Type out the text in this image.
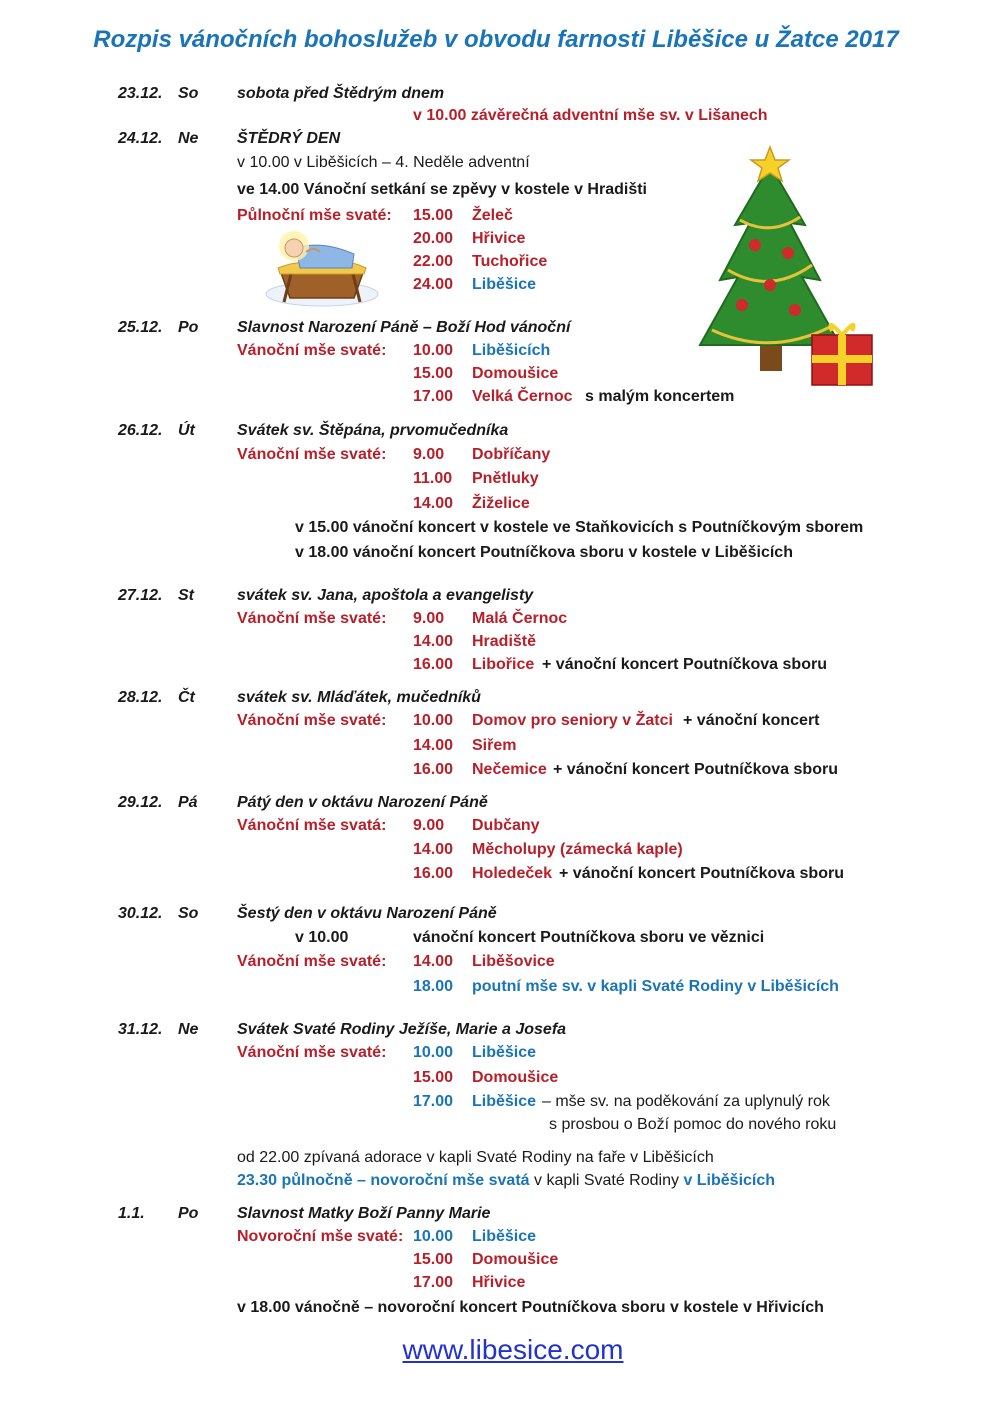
Rozpis vánočních bohoslužeb v obvodu farnosti Liběšice u Žatce 2017
23.12. So sobota před Štědrým dnem
v 10.00 závěrečná adventní mše sv. v Lišanech
24.12. Ne ŠTĚDRÝ DEN
v 10.00 v Liběšicích – 4. Neděle adventní
ve 14.00 Vánoční setkání se zpěvy v kostele v Hradišti
Půlnoční mše svaté: 15.00 Želeč
20.00 Hřivice
22.00 Tuchořice
24.00 Liběšice
25.12. Po Slavnost Narození Páně – Boží Hod vánoční
Vánoční mše svaté: 10.00 Liběšicích
15.00 Domoušice
17.00 Velká Černoc s malým koncertem
26.12. Út	Svátek sv. Štěpána, prvomučedníka
Vánoční mše svaté: 9.00 Dobříčany
11.00 Pnětluky
14.00 Žiželice
v 15.00 vánoční koncert v kostele ve Staňkovicích s Poutníčkovým sborem
v 18.00 vánoční koncert Poutníčkova sboru v kostele v Liběšicích
27.12. St	svátek sv. Jana, apoštola a evangelisty
Vánoční mše svaté: 9.00 Malá Černoc
14.00 Hradiště
16.00 Libořice + vánoční koncert Poutníčkova sboru
28.12. Čt	svátek sv. Mláďátek, mučedníků
Vánoční mše svaté: 10.00 Domov pro seniory v Žatci + vánoční koncert
14.00 Siřem
16.00 Nečemice + vánoční koncert Poutníčkova sboru
29.12. Pá Pátý den v oktávu Narození Páně
Vánoční mše svatá: 9.00 Dubčany
14.00 Měcholupy (zámecká kaple)
16.00 Holedeček + vánoční koncert Poutníčkova sboru
30.12. So Šestý den v oktávu Narození Páně
v 10.00	vánoční koncert Poutníčkova sboru ve věznici
Vánoční mše svaté: 14.00 Liběšovice
18.00 poutní mše sv. v kapli Svaté Rodiny v Liběšicích
31.12. Ne Svátek Svaté Rodiny Ježíše, Marie a Josefa
Vánoční mše svaté: 10.00 Liběšice
15.00 Domoušice
17.00 Liběšice – mše sv. na poděkování za uplynulý rok
s prosbou o Boží pomoc do nového roku
od 22.00 zpívaná adorace v kapli Svaté Rodiny na faře v Liběšicích
23.30 půlnočně – novoroční mše svatá v kapli Svaté Rodiny v Liběšicích
1.1. Po Slavnost Matky Boží Panny Marie
Novoroční mše svaté: 10.00 Liběšice
15.00 Domoušice
17.00 Hřivice
v 18.00 vánočně – novoroční koncert Poutníčkova sboru v kostele v Hřivicích
www.libesice.com
